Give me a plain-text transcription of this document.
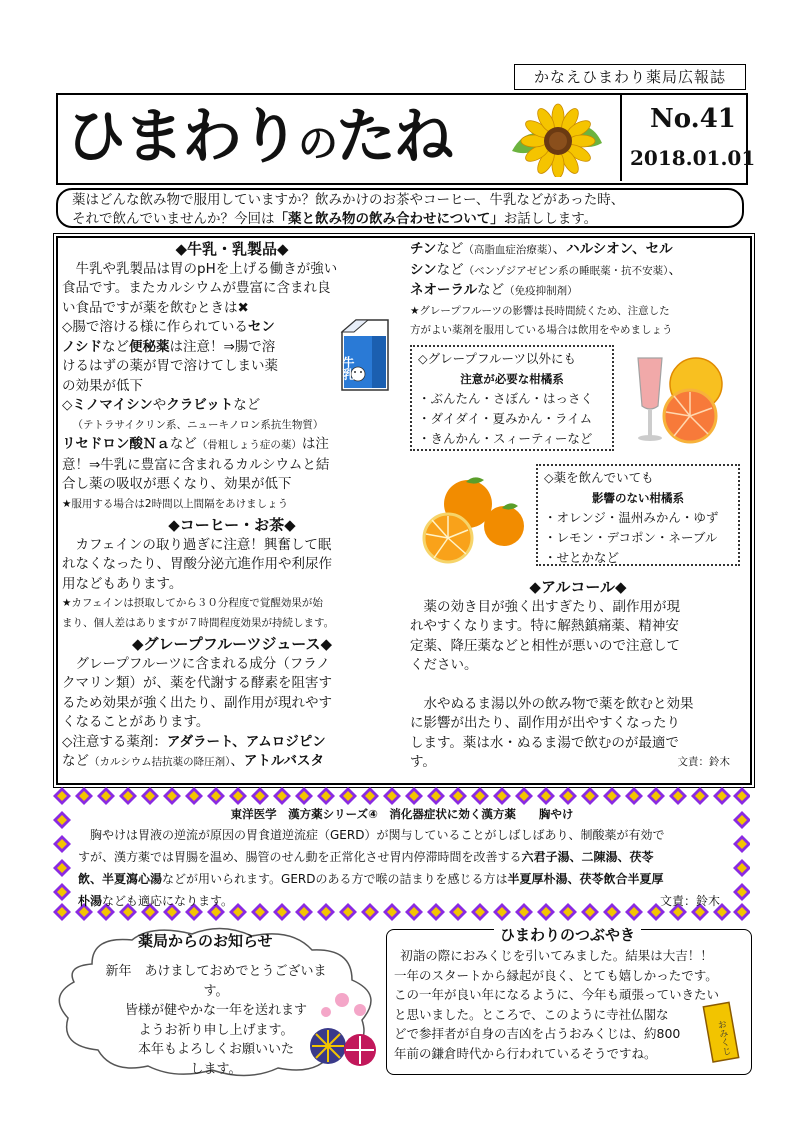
かなえひまわり薬局広報誌
ひまわりのたね	No.41
2018.01.01
薬はどんな飲み物で服用していますか？飲みかけのお茶やコーヒー、牛乳などがあった時、
それで飲んでいませんか？今回は「薬と飲み物の飲み合わせについて」お話しします。

◆牛乳・乳製品◆

牛乳や乳製品は胃のpHを上げる働きが強い

食品です。またカルシウムが豊富に含まれ良

い食品ですが薬を飲むときは✖

◇腸で溶ける様に作られているセン

ノシドなど便秘薬は注意！⇒腸で溶

けるはずの薬が胃で溶けてしまい薬

の効果が低下

◇ミノマイシンやクラビットなど

（テトラサイクリン系、ニューキノロン系抗生物質）

リセドロン酸Ｎａなど（骨粗しょう症の薬）は注

意！⇒牛乳に豊富に含まれるカルシウムと結

合し薬の吸収が悪くなり、効果が低下

★服用する場合は2時間以上間隔をあけましょう

◆コーヒー・お茶◆

カフェインの取り過ぎに注意！興奮して眠

れなくなったり、胃酸分泌亢進作用や利尿作

用などもあります。

★カフェインは摂取してから３０分程度で覚醒効果が始

まり、個人差はありますが７時間程度効果が持続します。

◆グレープフルーツジュース◆

グレープフルーツに含まれる成分（フラノ

クマリン類）が、薬を代謝する酵素を阻害す

るため効果が強く出たり、副作用が現れやす

くなることがあります。

◇注意する薬剤：アダラート、アムロジピン

など（カルシウム拮抗薬の降圧剤）、アトルバスタ

牛乳

チンなど（高脂血症治療薬）、ハルシオン、セル

シンなど（ベンゾジアゼピン系の睡眠薬・抗不安薬）、

ネオーラルなど（免疫抑制剤）

★グレープフルーツの影響は長時間続くため、注意した

方がよい薬剤を服用している場合は飲用をやめましょう

◇グレープフルーツ以外にも
注意が必要な柑橘系
・ぶんたん・さぼん・はっさく
・ダイダイ・夏みかん・ライム
・きんかん・スィーティーなど
◇薬を飲んでいても
影響のない柑橘系
・オレンジ・温州みかん・ゆず
・レモン・デコポン・ネーブル
・せとかなど

◆アルコール◆

薬の効き目が強く出すぎたり、副作用が現

れやすくなります。特に解熱鎮痛薬、精神安

定薬、降圧薬などと相性が悪いので注意して

ください。

水やぬるま湯以外の飲み物で薬を飲むと効果

に影響が出たり、副作用が出やすくなったり

します。薬は水・ぬるま湯で飲むのが最適で

す。	文責：鈴木

東洋医学　漢方薬シリーズ④　消化器症状に効く漢方薬　　胸やけ
胸やけは胃液の逆流が原因の胃食道逆流症（GERD）が関与していることがしばしばあり、制酸薬が有効で
すが、漢方薬では胃腸を温め、腸管のせん動を正常化させ胃内停滞時間を改善する六君子湯、二陳湯、茯苓
飲、半夏瀉心湯などが用いられます。GERDのある方で喉の詰まりを感じる方は半夏厚朴湯、茯苓飲合半夏厚
朴湯なども適応になります。	文責：鈴木
薬局からのお知らせ
新年　あけましておめでとうございます。
皆様が健やかな一年を送れます
ようお祈り申し上げます。
本年もよろしくお願いいた
します。
ひまわりのつぶやき
初詣の際におみくじを引いてみました。結果は大吉！！
一年のスタートから縁起が良く、とても嬉しかったです。
この一年が良い年になるように、今年も頑張っていきたい
と思いました。ところで、このように寺社仏閣な
どで参拝者が自身の吉凶を占うおみくじは、約800
年前の鎌倉時代から行われているそうですね。	おみくじ
